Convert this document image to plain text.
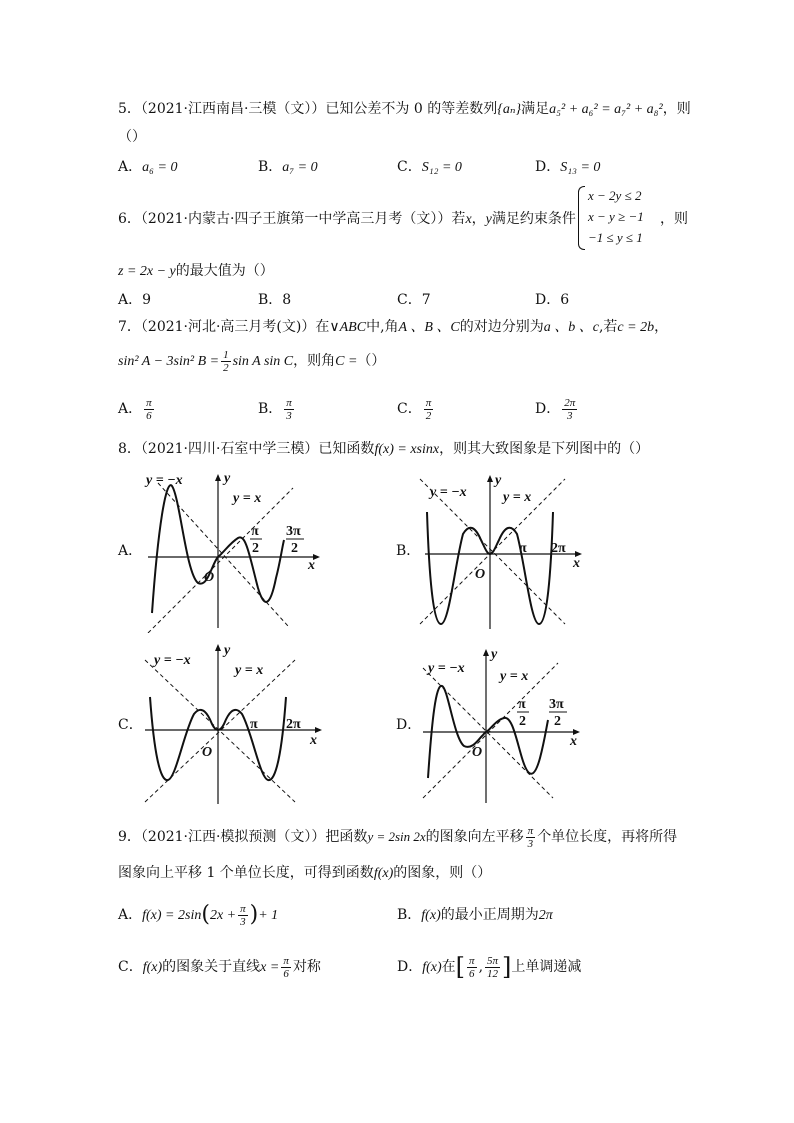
5．（2021·江西南昌·三模（文））已知公差不为 0 的等差数列{aₙ}满足a₅² + a₆² = a₇² + a₈²，则
（）
A．a₆ = 0	B．a₇ = 0	C．S₁₂ = 0	D．S₁₃ = 0
6．（2021·内蒙古·四子王旗第一中学高三月考（文））若x，y满足约束条件
x − 2y ≤ 2
x − y ≥ −1
−1 ≤ y ≤ 1
，则
z = 2x − y的最大值为（）
A．9	B．8	C．7	D．6
7．（2021·河北·高三月考(文)）在∨ABC中,角A 、B 、C的对边分别为a 、b 、c,若c = 2b，
sin² A − 3sin² $B = \frac{1}{2}$ sin A sin C，则角C =（）
A． $\frac{\pi}{6}$	B． $\frac{\pi}{3}$	C． $\frac{\pi}{2}$	D． $\frac{2\pi}{3}$
8．（2021·四川·石室中学三模）已知函数f(x) = xsinx，则其大致图象是下列图中的（）
A．	B．
C．	D．
y = −x
y = x
y
x
O
π
2
3π
2
y = −x	y = x
y
x
O
π 2π
y = −x
y = x
y
x
O
π 2π
y = −x
y = x
y
x
O
π
2
3π
2
9．（2021·江西·模拟预测（文））把函数y = 2sin 2x的图象向左平移 $\frac{\pi}{3}$ 个单位长度，再将所得
图象向上平移 1 个单位长度，可得到函数f(x)的图象，则（）
A．$f(x) = 2\sin(2x + \frac{\pi}{3}$ )+ 1	B．f(x)的最小正周期为2π
C．f(x)的图象关于直线$x = \frac{\pi}{6}$ 对称	D．f(x)在[ $\frac{\pi}{6}$ , $\frac{5\pi}{12}$ ]上单调递减
